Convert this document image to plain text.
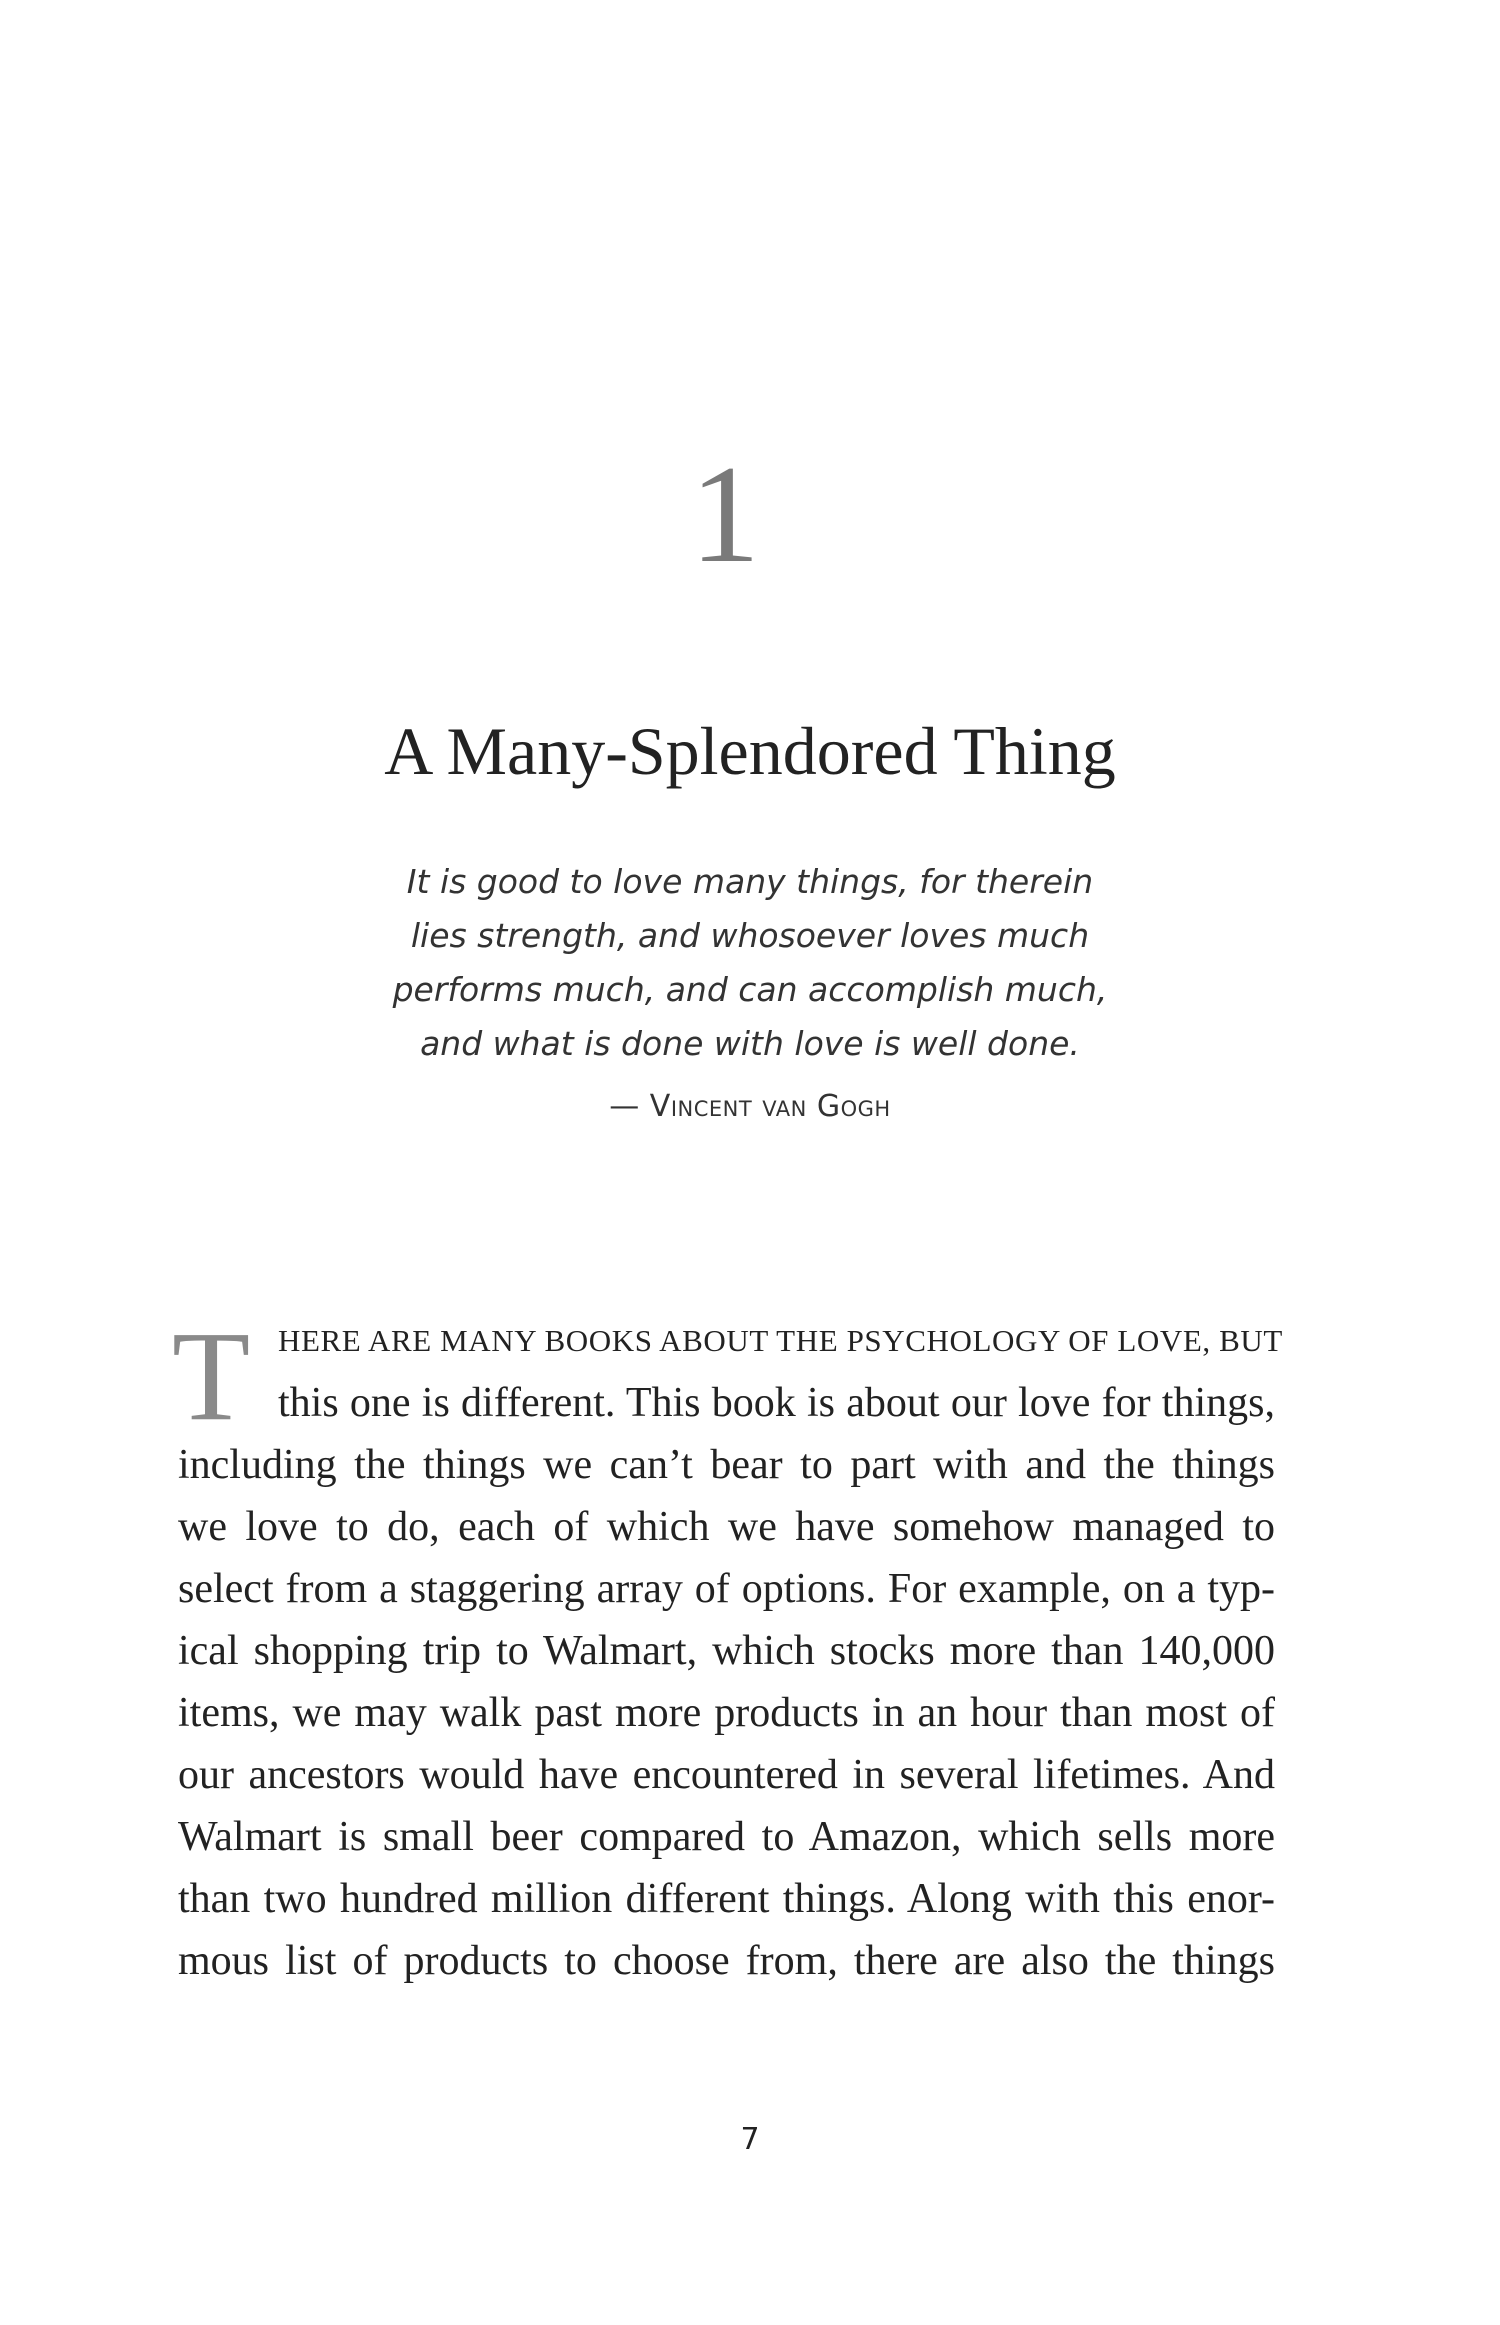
1
A Many-Splendored Thing
It is good to love many things, for therein
lies strength, and whosoever loves much
performs much, and can accomplish much,
and what is done with love is well done.
— Vincent van Gogh
T HERE ARE MANY BOOKS ABOUT THE PSYCHOLOGY OF LOVE, BUT
this one is different. This book is about our love for things,
including the things we can’t bear to part with and the things
we love to do, each of which we have somehow managed to
select from a staggering array of options. For example, on a typ-
ical shopping trip to Walmart, which stocks more than 140,000
items, we may walk past more products in an hour than most of
our ancestors would have encountered in several lifetimes. And
Walmart is small beer compared to Amazon, which sells more
than two hundred million different things. Along with this enor-
mous list of products to choose from, there are also the things
7
